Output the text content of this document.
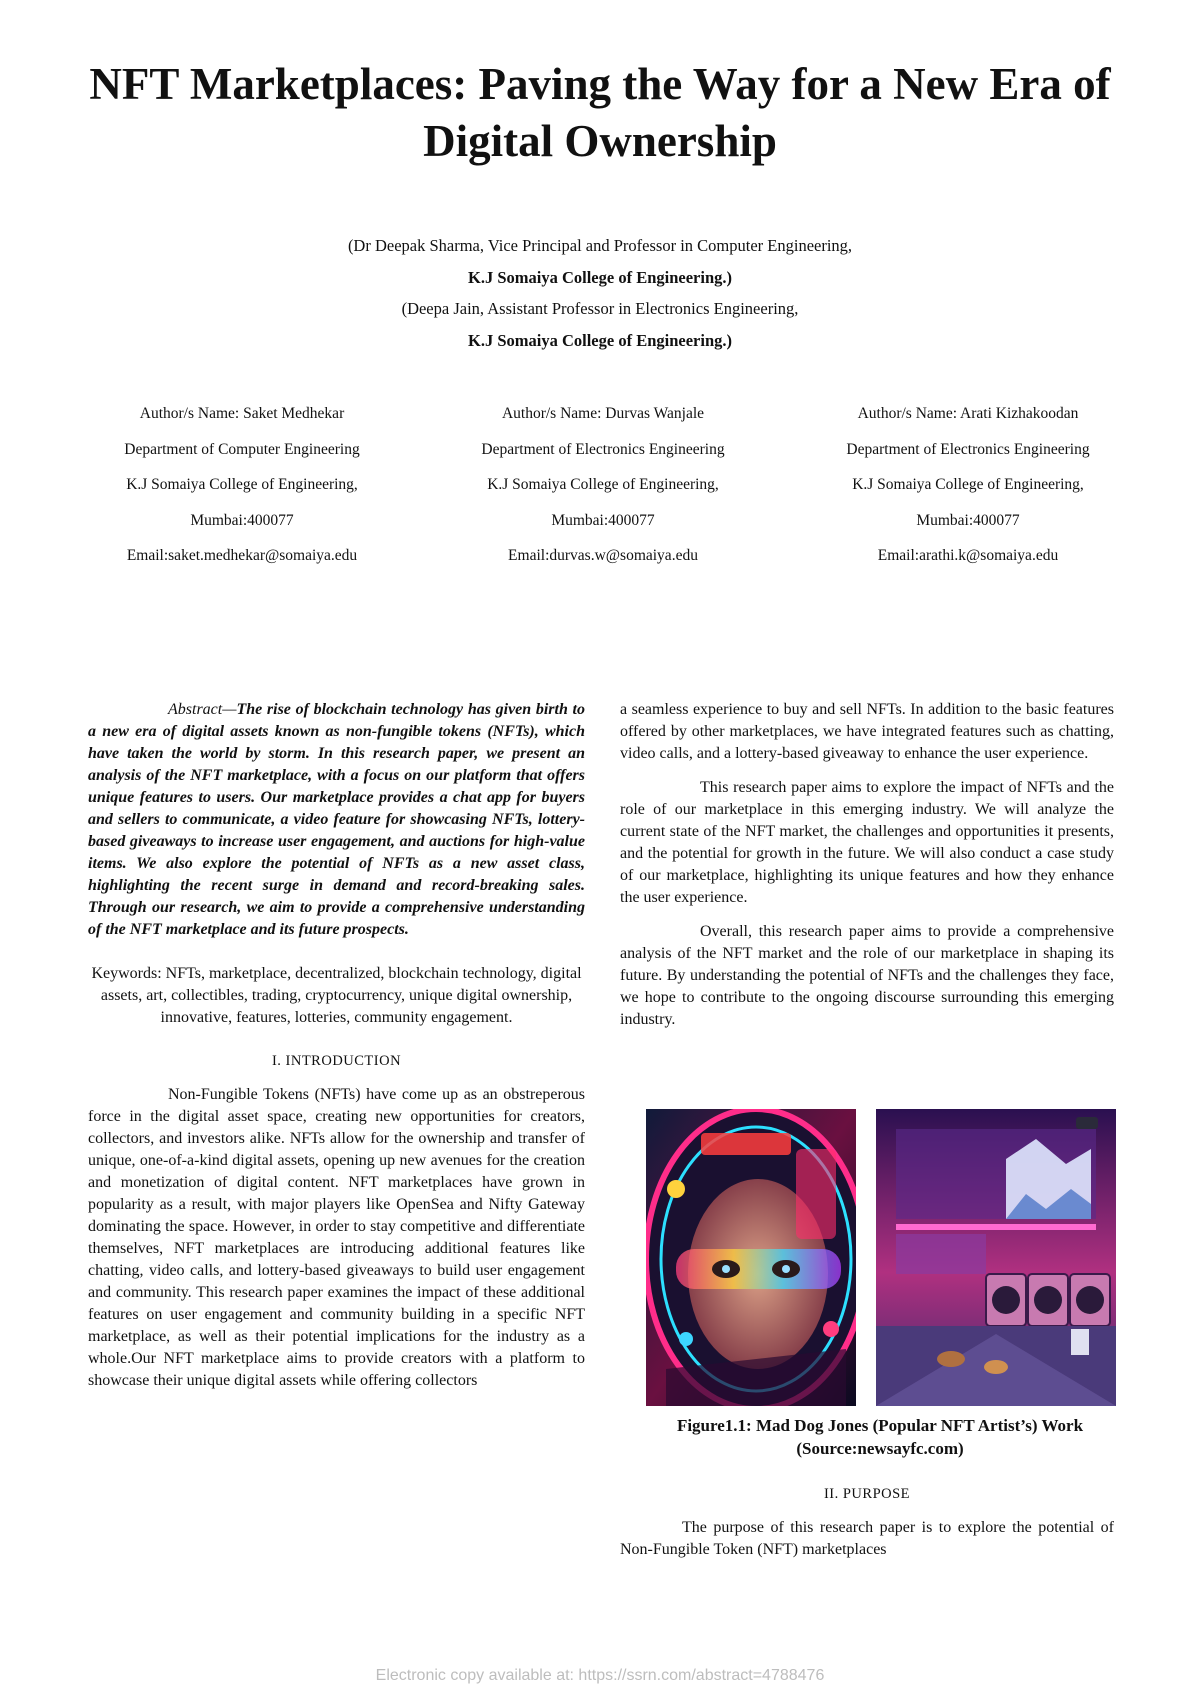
NFT Marketplaces: Paving the Way for a New Era of Digital Ownership
(Dr Deepak Sharma, Vice Principal and Professor in Computer Engineering,
K.J Somaiya College of Engineering.)
(Deepa Jain, Assistant Professor in Electronics Engineering,
K.J Somaiya College of Engineering.)
Author/s Name: Saket Medhekar
Department of Computer Engineering
K.J Somaiya College of Engineering,
Mumbai:400077
Email:saket.medhekar@somaiya.edu
Author/s Name: Durvas Wanjale
Department of Electronics Engineering
K.J Somaiya College of Engineering,
Mumbai:400077
Email:durvas.w@somaiya.edu
Author/s Name: Arati Kizhakoodan
Department of Electronics Engineering
K.J Somaiya College of Engineering,
Mumbai:400077
Email:arathi.k@somaiya.edu

Abstract—The rise of blockchain technology has given birth to a new era of digital assets known as non-fungible tokens (NFTs), which have taken the world by storm. In this research paper, we present an analysis of the NFT marketplace, with a focus on our platform that offers unique features to users. Our marketplace provides a chat app for buyers and sellers to communicate, a video feature for showcasing NFTs, lottery-based giveaways to increase user engagement, and auctions for high-value items. We also explore the potential of NFTs as a new asset class, highlighting the recent surge in demand and record-breaking sales. Through our research, we aim to provide a comprehensive understanding of the NFT marketplace and its future prospects.

Keywords: NFTs, marketplace, decentralized, blockchain technology, digital assets, art, collectibles, trading, cryptocurrency, unique digital ownership, innovative, features, lotteries, community engagement.

I. INTRODUCTION

Non-Fungible Tokens (NFTs) have come up as an obstreperous force in the digital asset space, creating new opportunities for creators, collectors, and investors alike. NFTs allow for the ownership and transfer of unique, one-of-a-kind digital assets, opening up new avenues for the creation and monetization of digital content. NFT marketplaces have grown in popularity as a result, with major players like OpenSea and Nifty Gateway dominating the space. However, in order to stay competitive and differentiate themselves, NFT marketplaces are introducing additional features like chatting, video calls, and lottery-based giveaways to build user engagement and community. This research paper examines the impact of these additional features on user engagement and community building in a specific NFT marketplace, as well as their potential implications for the industry as a whole.Our NFT marketplace aims to provide creators with a platform to showcase their unique digital assets while offering collectors

a seamless experience to buy and sell NFTs. In addition to the basic features offered by other marketplaces, we have integrated features such as chatting, video calls, and a lottery-based giveaway to enhance the user experience.

This research paper aims to explore the impact of NFTs and the role of our marketplace in this emerging industry. We will analyze the current state of the NFT market, the challenges and opportunities it presents, and the potential for growth in the future. We will also conduct a case study of our marketplace, highlighting its unique features and how they enhance the user experience.

Overall, this research paper aims to provide a comprehensive analysis of the NFT market and the role of our marketplace in shaping its future. By understanding the potential of NFTs and the challenges they face, we hope to contribute to the ongoing discourse surrounding this emerging industry.

Figure1.1: Mad Dog Jones (Popular NFT Artist’s) Work
(Source:newsayfc.com)

II. PURPOSE

The purpose of this research paper is to explore the potential of Non-Fungible Token (NFT) marketplaces

Electronic copy available at: https://ssrn.com/abstract=4788476
